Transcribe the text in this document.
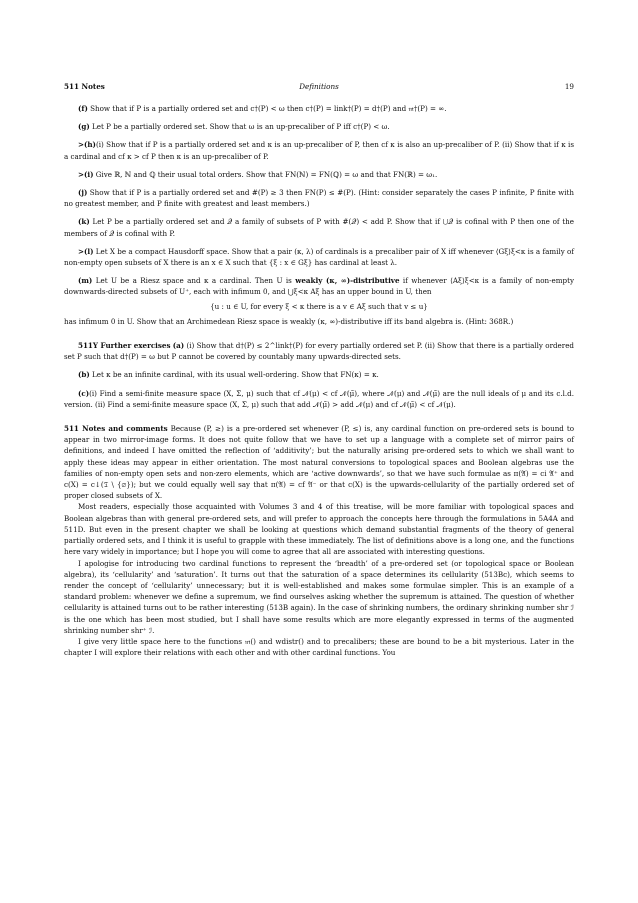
511 Notes	Definitions	19

(f) Show that if P is a partially ordered set and c†(P) < ω then c†(P) = link†(P) = d†(P) and 𝔪†(P) = ∞.

(g) Let P be a partially ordered set. Show that ω is an up-precaliber of P iff c†(P) < ω.

>(h)(i) Show that if P is a partially ordered set and κ is an up-precaliber of P, then cf κ is also an up-precaliber of P. (ii) Show that if κ is a cardinal and cf κ > cf P then κ is an up-precaliber of P.

>(i) Give ℝ, ℕ and ℚ their usual total orders. Show that FN(ℕ) = FN(ℚ) = ω and that FN(ℝ) = ω₁.

(j) Show that if P is a partially ordered set and #(P) ≥ 3 then FN(P) ≤ #(P). (Hint: consider separately the cases P infinite, P finite with no greatest member, and P finite with greatest and least members.)

(k) Let P be a partially ordered set and 𝒬 a family of subsets of P with #(𝒬) < add P. Show that if ⋃𝒬 is cofinal with P then one of the members of 𝒬 is cofinal with P.

>(l) Let X be a compact Hausdorff space. Show that a pair (κ, λ) of cardinals is a precaliber pair of X iff whenever ⟨Gξ⟩ξ<κ is a family of non-empty open subsets of X there is an x ∈ X such that {ξ : x ∈ Gξ} has cardinal at least λ.

(m) Let U be a Riesz space and κ a cardinal. Then U is weakly (κ, ∞)-distributive if whenever ⟨Aξ⟩ξ<κ is a family of non-empty downwards-directed subsets of U⁺, each with infimum 0, and ⋃ξ<κ Aξ has an upper bound in U, then

{u : u ∈ U, for every ξ < κ there is a v ∈ Aξ such that v ≤ u}

has infimum 0 in U. Show that an Archimedean Riesz space is weakly (κ, ∞)-distributive iff its band algebra is. (Hint: 368R.)

511Y Further exercises (a) (i) Show that d†(P) ≤ 2^link†(P) for every partially ordered set P. (ii) Show that there is a partially ordered set P such that d†(P) = ω but P cannot be covered by countably many upwards-directed sets.

(b) Let κ be an infinite cardinal, with its usual well-ordering. Show that FN(κ) = κ.

(c)(i) Find a semi-finite measure space (X, Σ, μ) such that cf 𝒩(μ) < cf 𝒩(μ̃), where 𝒩(μ) and 𝒩(μ̃) are the null ideals of μ and its c.l.d. version. (ii) Find a semi-finite measure space (X, Σ, μ) such that add 𝒩(μ̃) > add 𝒩(μ) and cf 𝒩(μ̃) < cf 𝒩(μ).

511 Notes and comments Because (P, ≥) is a pre-ordered set whenever (P, ≤) is, any cardinal function on pre-ordered sets is bound to appear in two mirror-image forms. It does not quite follow that we have to set up a language with a complete set of mirror pairs of definitions, and indeed I have omitted the reflection of ‘additivity’; but the naturally arising pre-ordered sets to which we shall want to apply these ideas may appear in either orientation. The most natural conversions to topological spaces and Boolean algebras use the families of non-empty open sets and non-zero elements, which are ‘active downwards’, so that we have such formulae as π(𝔄) = ci 𝔄⁺ and c(X) = c↓(𝔗 \ {∅}); but we could equally well say that π(𝔄) = cf 𝔄⁻ or that c(X) is the upwards-cellularity of the partially ordered set of proper closed subsets of X.

Most readers, especially those acquainted with Volumes 3 and 4 of this treatise, will be more familiar with topological spaces and Boolean algebras than with general pre-ordered sets, and will prefer to approach the concepts here through the formulations in 5A4A and 511D. But even in the present chapter we shall be looking at questions which demand substantial fragments of the theory of general partially ordered sets, and I think it is useful to grapple with these immediately. The list of definitions above is a long one, and the functions here vary widely in importance; but I hope you will come to agree that all are associated with interesting questions.

I apologise for introducing two cardinal functions to represent the ‘breadth’ of a pre-ordered set (or topological space or Boolean algebra), its ‘cellularity’ and ‘saturation’. It turns out that the saturation of a space determines its cellularity (513Bc), which seems to render the concept of ‘cellularity’ unnecessary; but it is well-established and makes some formulae simpler. This is an example of a standard problem: whenever we define a supremum, we find ourselves asking whether the supremum is attained. The question of whether cellularity is attained turns out to be rather interesting (513B again). In the case of shrinking numbers, the ordinary shrinking number shr ℐ is the one which has been most studied, but I shall have some results which are more elegantly expressed in terms of the augmented shrinking number shr⁺ ℐ.

I give very little space here to the functions 𝔪() and wdistr() and to precalibers; these are bound to be a bit mysterious. Later in the chapter I will explore their relations with each other and with other cardinal functions. You
